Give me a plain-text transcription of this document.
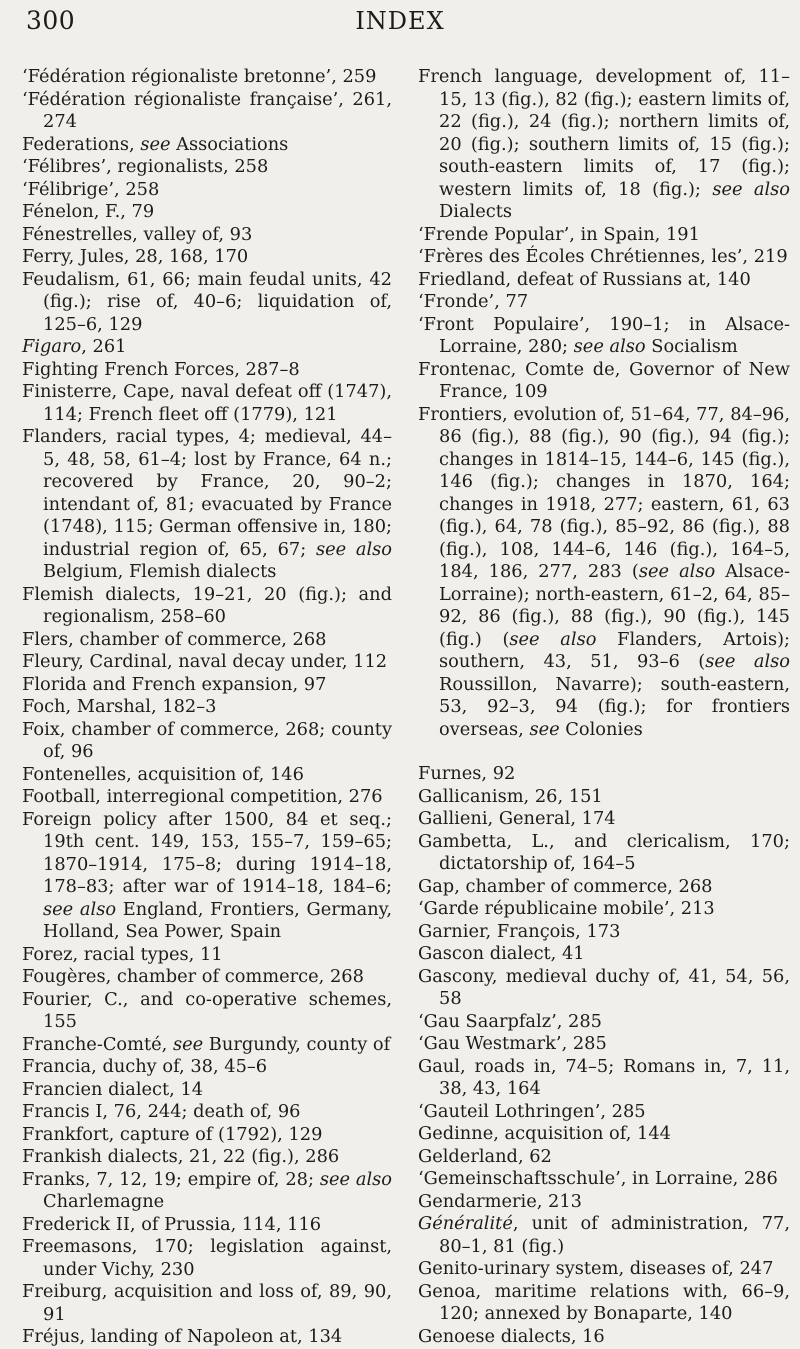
300	INDEX

‘Fédération régionaliste bretonne’, 259

‘Fédération régionaliste française’, 261, 274

Federations, see Associations

‘Félibres’, regionalists, 258

‘Félibrige’, 258

Fénelon, F., 79

Fénestrelles, valley of, 93

Ferry, Jules, 28, 168, 170

Feudalism, 61, 66; main feudal units, 42 (fig.); rise of, 40–6; liquidation of, 125–6, 129

Figaro, 261

Fighting French Forces, 287–8

Finisterre, Cape, naval defeat off (1747), 114; French fleet off (1779), 121

Flanders, racial types, 4; medieval, 44–5, 48, 58, 61–4; lost by France, 64 n.; recovered by France, 20, 90–2; intendant of, 81; evacuated by France (1748), 115; German offensive in, 180; industrial region of, 65, 67; see also Belgium, Flemish dialects

Flemish dialects, 19–21, 20 (fig.); and regionalism, 258–60

Flers, chamber of commerce, 268

Fleury, Cardinal, naval decay under, 112

Florida and French expansion, 97

Foch, Marshal, 182–3

Foix, chamber of commerce, 268; county of, 96

Fontenelles, acquisition of, 146

Football, interregional competition, 276

Foreign policy after 1500, 84 et seq.; 19th cent. 149, 153, 155–7, 159–65; 1870–1914, 175–8; during 1914–18, 178–83; after war of 1914–18, 184–6; see also England, Frontiers, Germany, Holland, Sea Power, Spain

Forez, racial types, 11

Fougères, chamber of commerce, 268

Fourier, C., and co-operative schemes, 155

Franche-Comté, see Burgundy, county of

Francia, duchy of, 38, 45–6

Francien dialect, 14

Francis I, 76, 244; death of, 96

Frankfort, capture of (1792), 129

Frankish dialects, 21, 22 (fig.), 286

Franks, 7, 12, 19; empire of, 28; see also Charlemagne

Frederick II, of Prussia, 114, 116

Freemasons, 170; legislation against, under Vichy, 230

Freiburg, acquisition and loss of, 89, 90, 91

Fréjus, landing of Napoleon at, 134

French language, development of, 11–15, 13 (fig.), 82 (fig.); eastern limits of, 22 (fig.), 24 (fig.); northern limits of, 20 (fig.); southern limits of, 15 (fig.); south-eastern limits of, 17 (fig.); western limits of, 18 (fig.); see also Dialects

‘Frende Popular’, in Spain, 191

‘Frères des Écoles Chrétiennes, les’, 219

Friedland, defeat of Russians at, 140

‘Fronde’, 77

‘Front Populaire’, 190–1; in Alsace-Lorraine, 280; see also Socialism

Frontenac, Comte de, Governor of New France, 109

Frontiers, evolution of, 51–64, 77, 84–96, 86 (fig.), 88 (fig.), 90 (fig.), 94 (fig.); changes in 1814–15, 144–6, 145 (fig.), 146 (fig.); changes in 1870, 164; changes in 1918, 277; eastern, 61, 63 (fig.), 64, 78 (fig.), 85–92, 86 (fig.), 88 (fig.), 108, 144–6, 146 (fig.), 164–5, 184, 186, 277, 283 (see also Alsace-Lorraine); north-eastern, 61–2, 64, 85–92, 86 (fig.), 88 (fig.), 90 (fig.), 145 (fig.) (see also Flanders, Artois); southern, 43, 51, 93–6 (see also Roussillon, Navarre); south-eastern, 53, 92–3, 94 (fig.); for frontiers overseas, see Colonies

Furnes, 92

Gallicanism, 26, 151

Gallieni, General, 174

Gambetta, L., and clericalism, 170; dictatorship of, 164–5

Gap, chamber of commerce, 268

‘Garde républicaine mobile’, 213

Garnier, François, 173

Gascon dialect, 41

Gascony, medieval duchy of, 41, 54, 56, 58

‘Gau Saarpfalz’, 285

‘Gau Westmark’, 285

Gaul, roads in, 74–5; Romans in, 7, 11, 38, 43, 164

‘Gauteil Lothringen’, 285

Gedinne, acquisition of, 144

Gelderland, 62

‘Gemeinschaftsschule’, in Lorraine, 286

Gendarmerie, 213

Généralité, unit of administration, 77, 80–1, 81 (fig.)

Genito-urinary system, diseases of, 247

Genoa, maritime relations with, 66–9, 120; annexed by Bonaparte, 140

Genoese dialects, 16
